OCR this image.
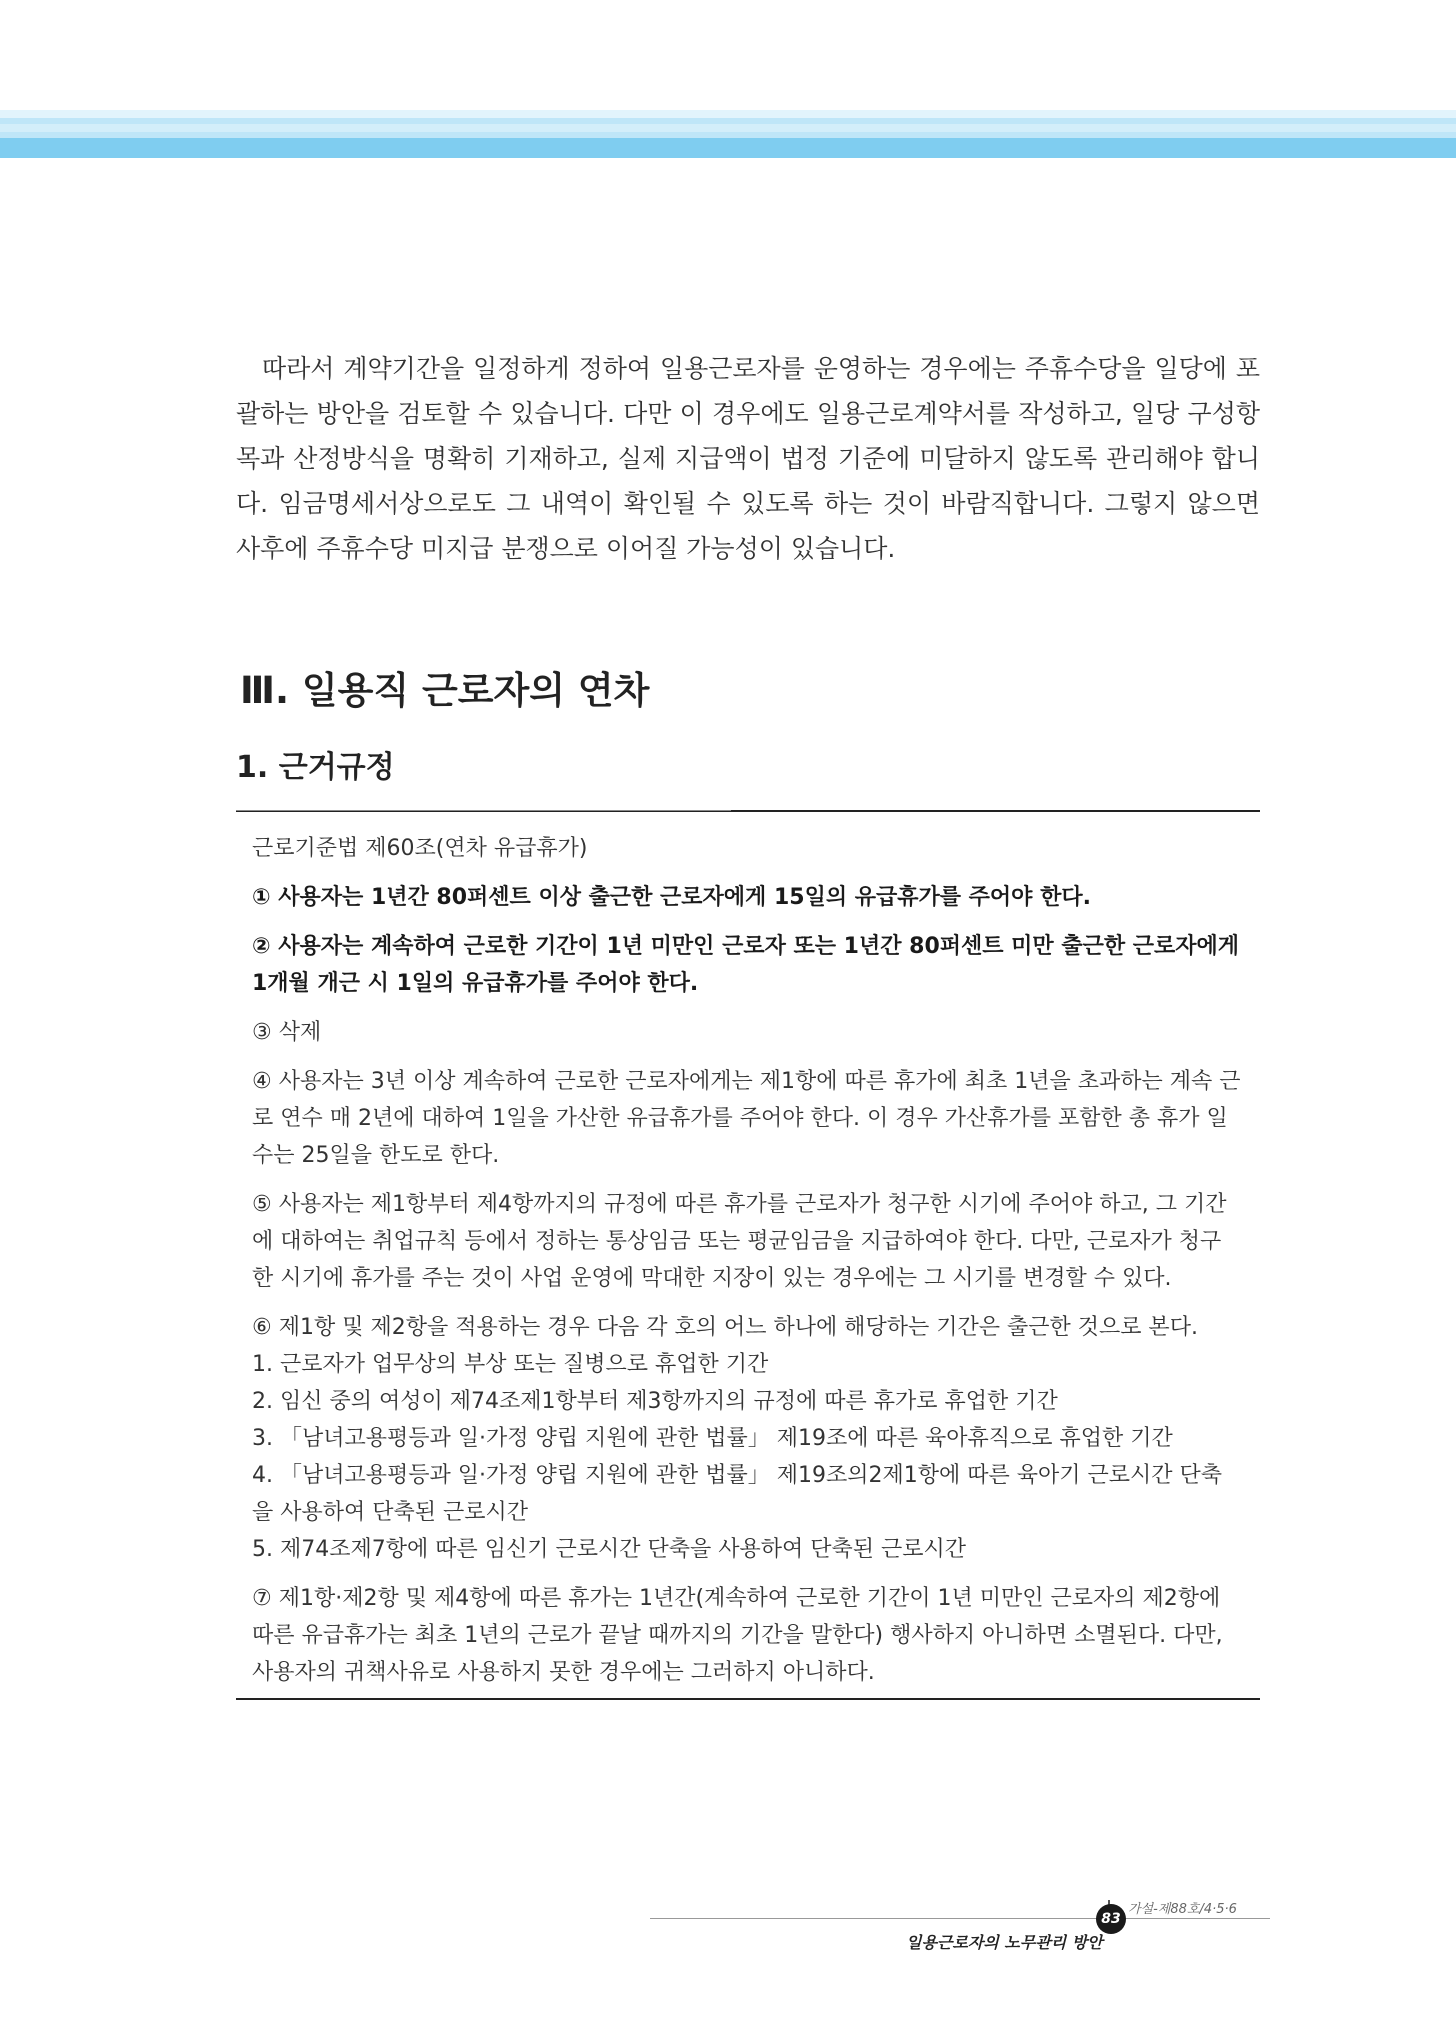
따라서 계약기간을 일정하게 정하여 일용근로자를 운영하는 경우에는 주휴수당을 일당에 포괄하는 방안을 검토할 수 있습니다. 다만 이 경우에도 일용근로계약서를 작성하고, 일당 구성항목과 산정방식을 명확히 기재하고, 실제 지급액이 법정 기준에 미달하지 않도록 관리해야 합니다. 임금명세서상으로도 그 내역이 확인될 수 있도록 하는 것이 바람직합니다. 그렇지 않으면 사후에 주휴수당 미지급 분쟁으로 이어질 가능성이 있습니다.

Ⅲ. 일용직 근로자의 연차
1. 근거규정

근로기준법 제60조(연차 유급휴가)

① 사용자는 1년간 80퍼센트 이상 출근한 근로자에게 15일의 유급휴가를 주어야 한다.

② 사용자는 계속하여 근로한 기간이 1년 미만인 근로자 또는 1년간 80퍼센트 미만 출근한 근로자에게 1개월 개근 시 1일의 유급휴가를 주어야 한다.

③ 삭제

④ 사용자는 3년 이상 계속하여 근로한 근로자에게는 제1항에 따른 휴가에 최초 1년을 초과하는 계속 근로 연수 매 2년에 대하여 1일을 가산한 유급휴가를 주어야 한다. 이 경우 가산휴가를 포함한 총 휴가 일수는 25일을 한도로 한다.

⑤ 사용자는 제1항부터 제4항까지의 규정에 따른 휴가를 근로자가 청구한 시기에 주어야 하고, 그 기간에 대하여는 취업규칙 등에서 정하는 통상임금 또는 평균임금을 지급하여야 한다. 다만, 근로자가 청구한 시기에 휴가를 주는 것이 사업 운영에 막대한 지장이 있는 경우에는 그 시기를 변경할 수 있다.

⑥ 제1항 및 제2항을 적용하는 경우 다음 각 호의 어느 하나에 해당하는 기간은 출근한 것으로 본다.

1. 근로자가 업무상의 부상 또는 질병으로 휴업한 기간

2. 임신 중의 여성이 제74조제1항부터 제3항까지의 규정에 따른 휴가로 휴업한 기간

3. 「남녀고용평등과 일·가정 양립 지원에 관한 법률」 제19조에 따른 육아휴직으로 휴업한 기간

4. 「남녀고용평등과 일·가정 양립 지원에 관한 법률」 제19조의2제1항에 따른 육아기 근로시간 단축을 사용하여 단축된 근로시간

5. 제74조제7항에 따른 임신기 근로시간 단축을 사용하여 단축된 근로시간

⑦ 제1항·제2항 및 제4항에 따른 휴가는 1년간(계속하여 근로한 기간이 1년 미만인 근로자의 제2항에 따른 유급휴가는 최초 1년의 근로가 끝날 때까지의 기간을 말한다) 행사하지 아니하면 소멸된다. 다만, 사용자의 귀책사유로 사용하지 못한 경우에는 그러하지 아니하다.

83
가설-제88호/4·5·6
일용근로자의 노무관리 방안
